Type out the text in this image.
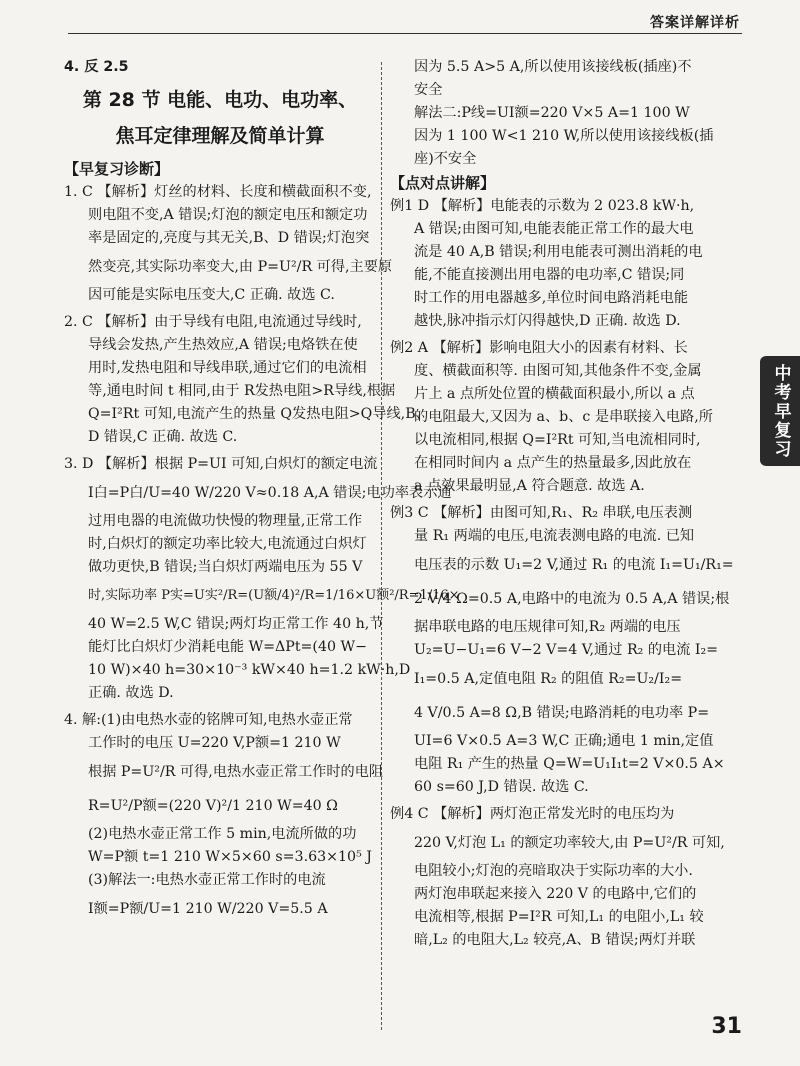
答案详解详析

4. 反 2.5

第 28 节 电能、电功、电功率、

焦耳定律理解及简单计算

【早复习诊断】

1. C 【解析】灯丝的材料、长度和横截面积不变,

则电阻不变,A 错误;灯泡的额定电压和额定功

率是固定的,亮度与其无关,B、D 错误;灯泡突

然变亮,其实际功率变大,由 P=U²/R 可得,主要原

因可能是实际电压变大,C 正确. 故选 C.

2. C 【解析】由于导线有电阻,电流通过导线时,

导线会发热,产生热效应,A 错误;电烙铁在使

用时,发热电阻和导线串联,通过它们的电流相

等,通电时间 t 相同,由于 R发热电阻>R导线,根据

Q=I²Rt 可知,电流产生的热量 Q发热电阻>Q导线,B、

D 错误,C 正确. 故选 C.

3. D 【解析】根据 P=UI 可知,白炽灯的额定电流

I白=P白/U=40 W/220 V≈0.18 A,A 错误;电功率表示通

过用电器的电流做功快慢的物理量,正常工作

时,白炽灯的额定功率比较大,电流通过白炽灯

做功更快,B 错误;当白炽灯两端电压为 55 V

时,实际功率 P实=U实²/R=(U额/4)²/R=1/16×U额²/R=1/16×

40 W=2.5 W,C 错误;两灯均正常工作 40 h,节

能灯比白炽灯少消耗电能 W=ΔPt=(40 W−

10 W)×40 h=30×10⁻³ kW×40 h=1.2 kW·h,D

正确. 故选 D.

4. 解:(1)由电热水壶的铭牌可知,电热水壶正常

工作时的电压 U=220 V,P额=1 210 W

根据 P=U²/R 可得,电热水壶正常工作时的电阻

R=U²/P额=(220 V)²/1 210 W=40 Ω

(2)电热水壶正常工作 5 min,电流所做的功

W=P额 t=1 210 W×5×60 s=3.63×10⁵ J

(3)解法一:电热水壶正常工作时的电流

I额=P额/U=1 210 W/220 V=5.5 A

因为 5.5 A>5 A,所以使用该接线板(插座)不

安全

解法二:P线=UI额=220 V×5 A=1 100 W

因为 1 100 W<1 210 W,所以使用该接线板(插

座)不安全

【点对点讲解】

例1 D 【解析】电能表的示数为 2 023.8 kW·h,

A 错误;由图可知,电能表能正常工作的最大电

流是 40 A,B 错误;利用电能表可测出消耗的电

能,不能直接测出用电器的电功率,C 错误;同

时工作的用电器越多,单位时间电路消耗电能

越快,脉冲指示灯闪得越快,D 正确. 故选 D.

例2 A 【解析】影响电阻大小的因素有材料、长

度、横截面积等. 由图可知,其他条件不变,金属

片上 a 点所处位置的横截面积最小,所以 a 点

的电阻最大,又因为 a、b、c 是串联接入电路,所

以电流相同,根据 Q=I²Rt 可知,当电流相同时,

在相同时间内 a 点产生的热量最多,因此放在

a 点效果最明显,A 符合题意. 故选 A.

例3 C 【解析】由图可知,R₁、R₂ 串联,电压表测

量 R₁ 两端的电压,电流表测电路的电流. 已知

电压表的示数 U₁=2 V,通过 R₁ 的电流 I₁=U₁/R₁=

2 V/4 Ω=0.5 A,电路中的电流为 0.5 A,A 错误;根

据串联电路的电压规律可知,R₂ 两端的电压

U₂=U−U₁=6 V−2 V=4 V,通过 R₂ 的电流 I₂=

I₁=0.5 A,定值电阻 R₂ 的阻值 R₂=U₂/I₂=

4 V/0.5 A=8 Ω,B 错误;电路消耗的电功率 P=

UI=6 V×0.5 A=3 W,C 正确;通电 1 min,定值

电阻 R₁ 产生的热量 Q=W=U₁I₁t=2 V×0.5 A×

60 s=60 J,D 错误. 故选 C.

例4 C 【解析】两灯泡正常发光时的电压均为

220 V,灯泡 L₁ 的额定功率较大,由 P=U²/R 可知,

电阻较小;灯泡的亮暗取决于实际功率的大小.

两灯泡串联起来接入 220 V 的电路中,它们的

电流相等,根据 P=I²R 可知,L₁ 的电阻小,L₁ 较

暗,L₂ 的电阻大,L₂ 较亮,A、B 错误;两灯并联

中考早复习
31
